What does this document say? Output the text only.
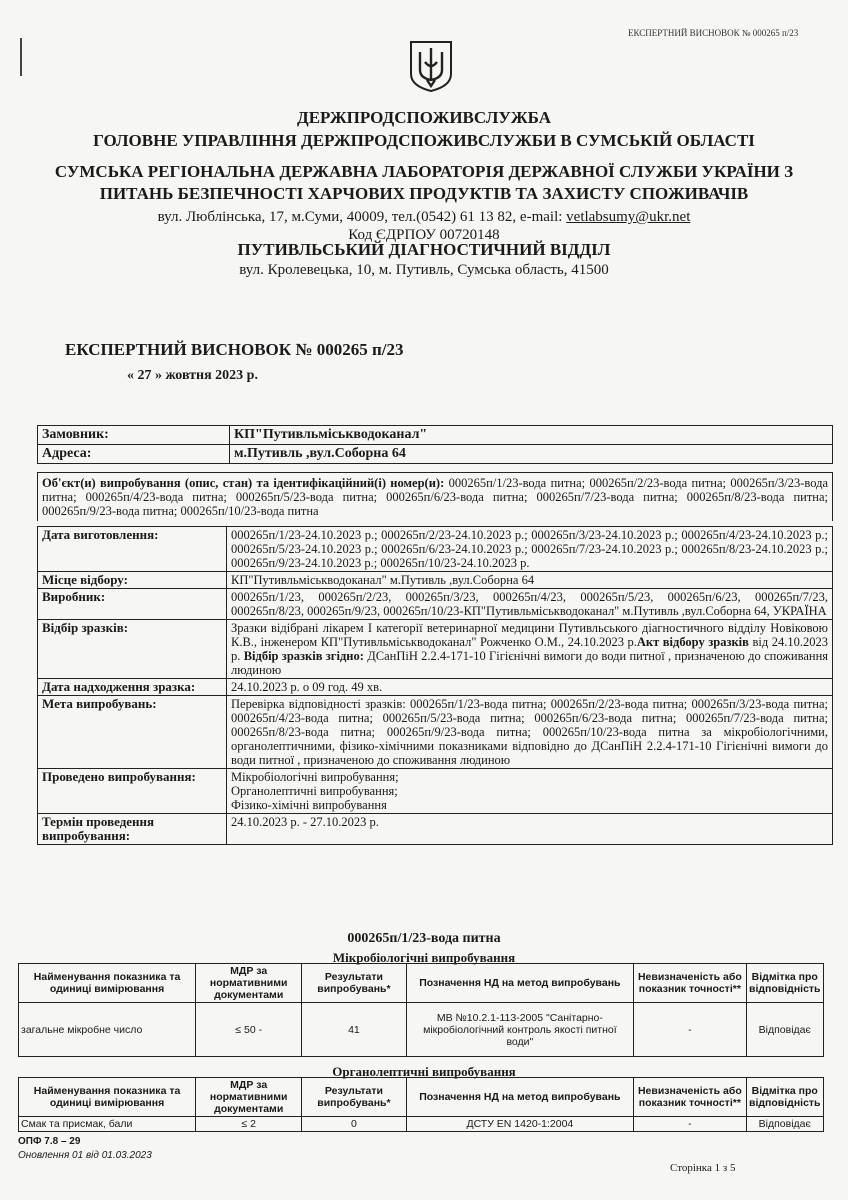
ЕКСПЕРТНИЙ ВИСНОВОК № 000265 п/23
ДЕРЖПРОДСПОЖИВСЛУЖБА
ГОЛОВНЕ УПРАВЛІННЯ ДЕРЖПРОДСПОЖИВСЛУЖБИ В СУМСЬКІЙ ОБЛАСТІ
СУМСЬКА РЕГІОНАЛЬНА ДЕРЖАВНА ЛАБОРАТОРІЯ ДЕРЖАВНОЇ СЛУЖБИ УКРАЇНИ З
ПИТАНЬ БЕЗПЕЧНОСТІ ХАРЧОВИХ ПРОДУКТІВ ТА ЗАХИСТУ СПОЖИВАЧІВ
вул. Люблінська, 17, м.Суми, 40009, тел.(0542) 61 13 82, e-mail: vetlabsumy@ukr.net
Код ЄДРПОУ 00720148
ПУТИВЛЬСЬКИЙ ДІАГНОСТИЧНИЙ ВІДДІЛ
вул. Кролевецька, 10, м. Путивль, Сумська область, 41500
ЕКСПЕРТНИЙ ВИСНОВОК № 000265 п/23
« 27 » жовтня 2023 р.
Замовник:	КП"Путивльміськводоканал"
Адреса:	м.Путивль ,вул.Соборна 64
Об'єкт(и) випробування (опис, стан) та ідентифікаційний(і) номер(и): 000265п/1/23-вода питна; 000265п/2/23-вода питна; 000265п/3/23-вода питна; 000265п/4/23-вода питна; 000265п/5/23-вода питна; 000265п/6/23-вода питна; 000265п/7/23-вода питна; 000265п/8/23-вода питна; 000265п/9/23-вода питна; 000265п/10/23-вода питна
Дата виготовлення:	000265п/1/23-24.10.2023 р.; 000265п/2/23-24.10.2023 р.; 000265п/3/23-24.10.2023 р.; 000265п/4/23-24.10.2023 р.; 000265п/5/23-24.10.2023 р.; 000265п/6/23-24.10.2023 р.; 000265п/7/23-24.10.2023 р.; 000265п/8/23-24.10.2023 р.; 000265п/9/23-24.10.2023 р.; 000265п/10/23-24.10.2023 р.
Місце відбору:	КП"Путивльміськводоканал" м.Путивль ,вул.Соборна 64
Виробник:	000265п/1/23, 000265п/2/23, 000265п/3/23, 000265п/4/23, 000265п/5/23, 000265п/6/23, 000265п/7/23, 000265п/8/23, 000265п/9/23, 000265п/10/23-КП"Путивльміськводоканал" м.Путивль ,вул.Соборна 64, УКРАЇНА
Відбір зразків:	Зразки відібрані лікарем I категорії ветеринарної медицини Путивльського діагностичного відділу Новіковою К.В., інженером КП"Путивльміськводоканал" Рожченко О.М., 24.10.2023 р.Акт відбору зразків від 24.10.2023 р. Відбір зразків згідно: ДСанПіН 2.2.4-171-10 Гігієнічні вимоги до води питної , призначеною до споживання людиною
Дата надходження зразка:	24.10.2023 р. о 09 год. 49 хв.
Мета випробувань:	Перевірка відповідності зразків: 000265п/1/23-вода питна; 000265п/2/23-вода питна; 000265п/3/23-вода питна; 000265п/4/23-вода питна; 000265п/5/23-вода питна; 000265п/6/23-вода питна; 000265п/7/23-вода питна; 000265п/8/23-вода питна; 000265п/9/23-вода питна; 000265п/10/23-вода питна за мікробіологічними, органолептичними, фізико-хімічними показниками відповідно до ДСанПіН 2.2.4-171-10 Гігієнічні вимоги до води питної , призначеною до споживання людиною
Проведено випробування:	Мікробіологічні випробування;
Органолептичні випробування;
Фізико-хімічні випробування

Термін проведення випробування:	24.10.2023 р. - 27.10.2023 р.
000265п/1/23-вода питна
Мікробіологічні випробування
Найменування показника та одиниці вимірювання	МДР за нормативними документами	Результати випробувань*	Позначення НД на метод випробувань	Невизначеність або показник точності**	Відмітка про відповідність
загальне мікробне число	≤ 50 -	41	МВ №10.2.1-113-2005 "Санітарно-мікробіологічний контроль якості питної води"	-	Відповідає
Органолептичні випробування
Найменування показника та одиниці вимірювання	МДР за нормативними документами	Результати випробувань*	Позначення НД на метод випробувань	Невизначеність або показник точності**	Відмітка про відповідність
Смак та присмак, бали	≤ 2	0	ДСТУ EN 1420-1:2004	-	Відповідає
ОПФ 7.8 – 29
Оновлення 01 від 01.03.2023
Сторінка 1 з 5
